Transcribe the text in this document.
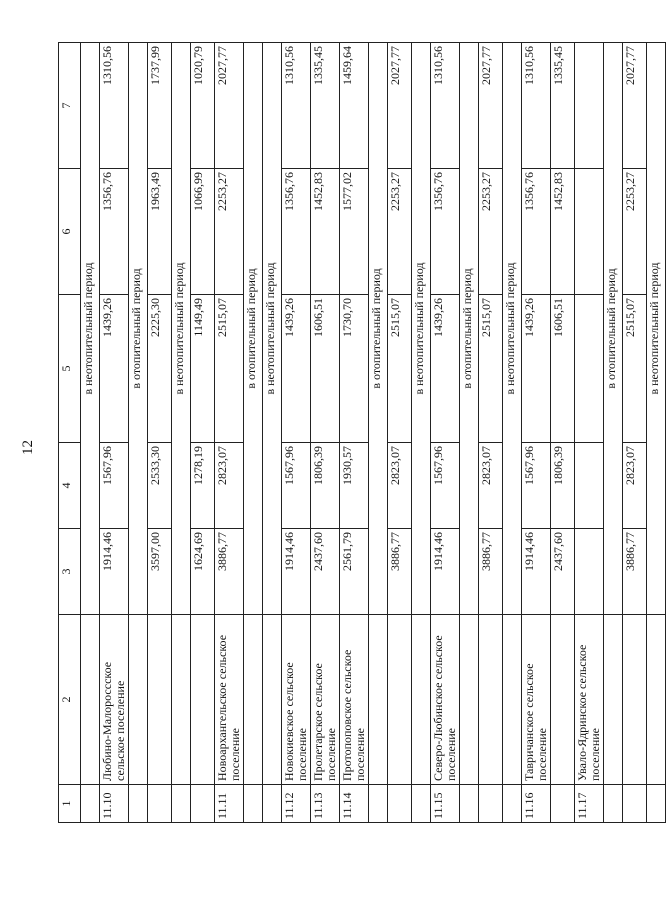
12
1	2	3	4	5	6	7
		в неотопительный период				
11.10	Любино-Малороссское сельское поселение	1914,46	1567,96	1439,26	1356,76	1310,56
		в отопительный период				
		3597,00	2533,30	2225,30	1963,49	1737,99
		в неотопительный период				
		1624,69	1278,19	1149,49	1066,99	1020,79
11.11	Новоархангельское сельское поселение	3886,77	2823,07	2515,07	2253,27	2027,77
		в отопительный период				
		в неотопительный период				
11.12	Новокиевское сельское поселение	1914,46	1567,96	1439,26	1356,76	1310,56
11.13	Пролетарское сельское поселение	2437,60	1806,39	1606,51	1452,83	1335,45
11.14	Протопоповское сельское поселение	2561,79	1930,57	1730,70	1577,02	1459,64
		в отопительный период				
		3886,77	2823,07	2515,07	2253,27	2027,77
		в неотопительный период				
11.15	Северо-Любинское сельское поселение	1914,46	1567,96	1439,26	1356,76	1310,56
		в отопительный период				
		3886,77	2823,07	2515,07	2253,27	2027,77
		в неотопительный период				
11.16	Тавричанское сельское поселение	1914,46	1567,96	1439,26	1356,76	1310,56
		2437,60	1806,39	1606,51	1452,83	1335,45
11.17	Увало-Ядринское сельское поселение					
		в отопительный период				
		3886,77	2823,07	2515,07	2253,27	2027,77
		в неотопительный период				
